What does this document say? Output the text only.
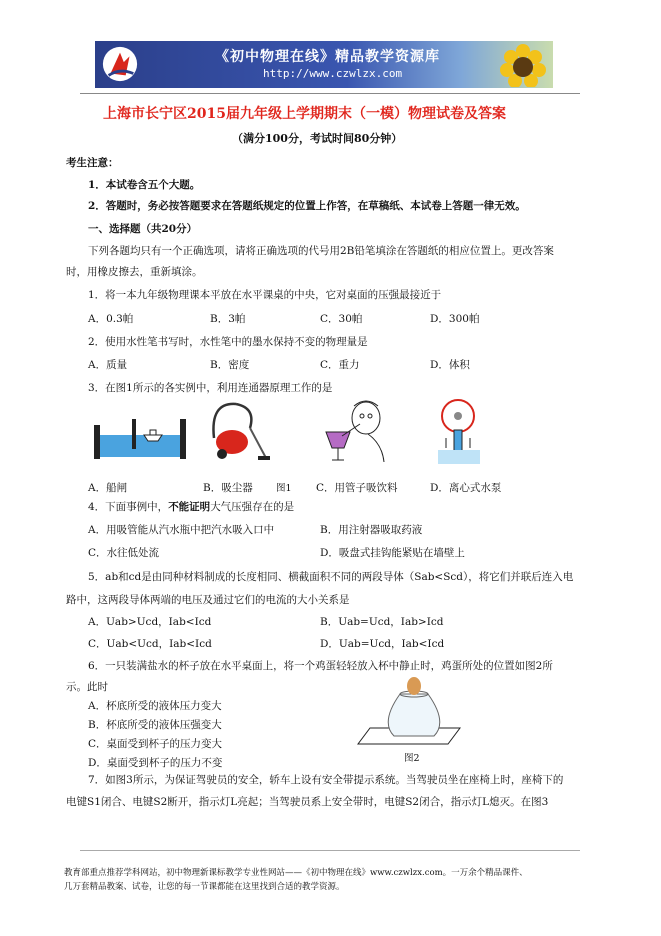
《初中物理在线》精品教学资源库
http://www.czwlzx.com
上海市长宁区2015届九年级上学期期末（一模）物理试卷及答案
（满分100分，考试时间80分钟）
考生注意：
1．本试卷含五个大题。
2．答题时，务必按答题要求在答题纸规定的位置上作答，在草稿纸、本试卷上答题一律无效。
一、选择题（共20分）
下列各题均只有一个正确选项，请将正确选项的代号用2B铅笔填涂在答题纸的相应位置上。更改答案
时，用橡皮擦去，重新填涂。
1．将一本九年级物理课本平放在水平课桌的中央，它对桌面的压强最接近于
A．0.3帕	B．3帕	C．30帕	D．300帕
2．使用水性笔书写时，水性笔中的墨水保持不变的物理量是
A．质量	B．密度	C．重力	D．体积
3．在图1所示的各实例中，利用连通器原理工作的是
A．船闸	B．吸尘器 图1 C．用管子吸饮料	D．离心式水泵
4．下面事例中，不能证明大气压强存在的是
A．用吸管能从汽水瓶中把汽水吸入口中	B．用注射器吸取药液
C．水往低处流	D．吸盘式挂钩能紧贴在墙壁上
5．ab和cd是由同种材料制成的长度相同、横截面积不同的两段导体（Sab<Scd），将它们并联后连入电
路中，这两段导体两端的电压及通过它们的电流的大小关系是
A．Uab>Ucd，Iab<Icd	B．Uab=Ucd，Iab>Icd
C．Uab<Ucd，Iab<Icd	D．Uab=Ucd，Iab<Icd
6．一只装满盐水的杯子放在水平桌面上，将一个鸡蛋轻轻放入杯中静止时，鸡蛋所处的位置如图2所
示。此时
A．杯底所受的液体压力变大
B．杯底所受的液体压强变大
C．桌面受到杯子的压力变大
D．桌面受到杯子的压力不变	图2
7．如图3所示，为保证驾驶员的安全，轿车上设有安全带提示系统。当驾驶员坐在座椅上时，座椅下的
电键S1闭合、电键S2断开，指示灯L亮起；当驾驶员系上安全带时，电键S2闭合，指示灯L熄灭。在图3
教育部重点推荐学科网站，初中物理新课标教学专业性网站——《初中物理在线》www.czwlzx.com。一万余个精品课件、
几万套精品教案、试卷，让您的每一节课都能在这里找到合适的教学资源。
